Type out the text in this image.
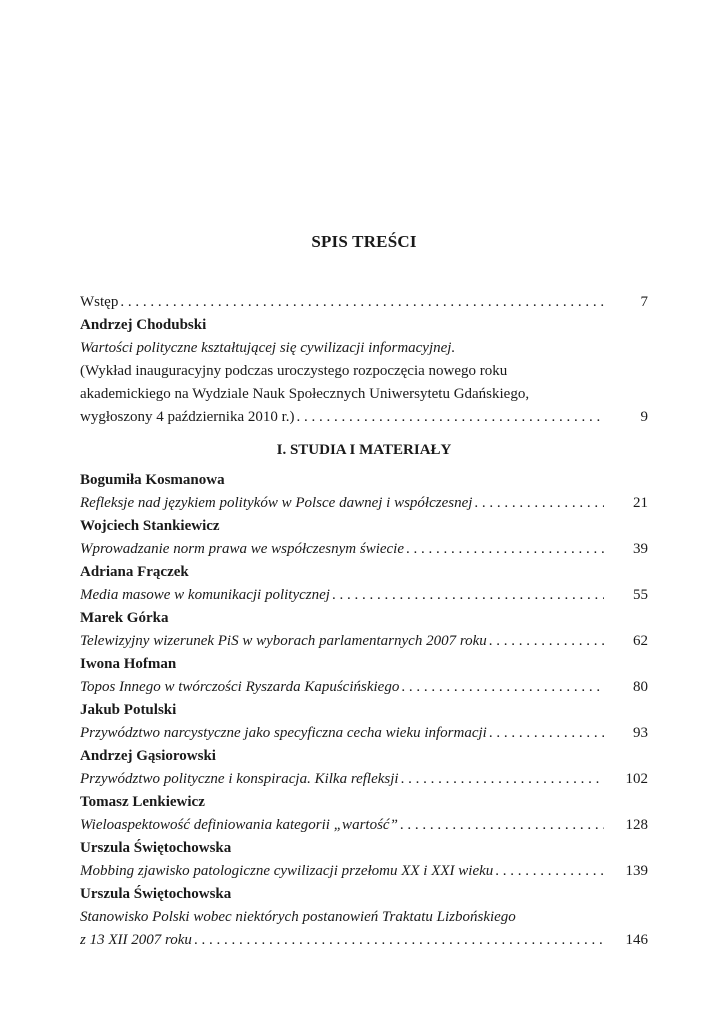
SPIS TREŚCI
Wstęp . . .	7
Andrzej Chodubski
Wartości polityczne kształtującej się cywilizacji informacyjnej.
(Wykład inauguracyjny podczas uroczystego rozpoczęcia nowego roku
akademickiego na Wydziale Nauk Społecznych Uniwersytetu Gdańskiego,
wygłoszony 4 października 2010 r.) . . .	9
I. STUDIA I MATERIAŁY
Bogumiła Kosmanowa
Refleksje nad językiem polityków w Polsce dawnej i współczesnej . . .	21
Wojciech Stankiewicz
Wprowadzanie norm prawa we współczesnym świecie . . .	39
Adriana Frączek
Media masowe w komunikacji politycznej . . .	55
Marek Górka
Telewizyjny wizerunek PiS w wyborach parlamentarnych 2007 roku . . .	62
Iwona Hofman
Topos Innego w twórczości Ryszarda Kapuścińskiego . . .	80
Jakub Potulski
Przywództwo narcystyczne jako specyficzna cecha wieku informacji . . .	93
Andrzej Gąsiorowski
Przywództwo polityczne i konspiracja. Kilka refleksji . . .	102
Tomasz Lenkiewicz
Wieloaspektowość definiowania kategorii „wartość” . . .	128
Urszula Świętochowska
Mobbing zjawisko patologiczne cywilizacji przełomu XX i XXI wieku . . .	139
Urszula Świętochowska
Stanowisko Polski wobec niektórych postanowień Traktatu Lizbońskiego
z 13 XII 2007 roku . . .	146
